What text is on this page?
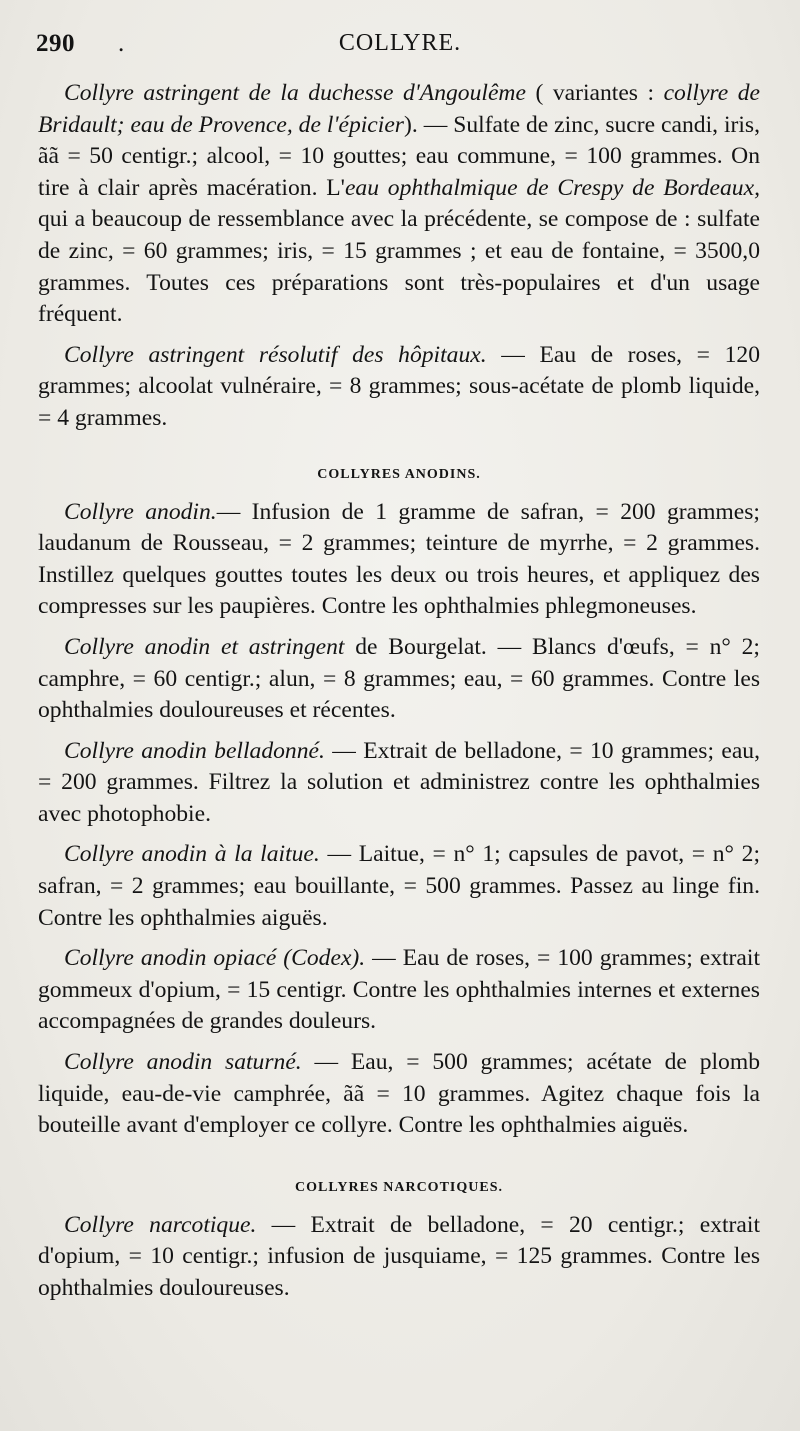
290 .	COLLYRE.

Collyre astringent de la duchesse d'Angoulême ( variantes : collyre de Bridault; eau de Provence, de l'épicier). — Sulfate de zinc, sucre candi, iris, ãã = 50 centigr.; alcool, = 10 gouttes; eau commune, = 100 grammes. On tire à clair après macération. L'eau ophthalmique de Crespy de Bordeaux, qui a beaucoup de ressemblance avec la précédente, se compose de : sulfate de zinc, = 60 grammes; iris, = 15 grammes ; et eau de fontaine, = 3500,0 grammes. Toutes ces préparations sont très-populaires et d'un usage fréquent.

Collyre astringent résolutif des hôpitaux. — Eau de roses, = 120 grammes; alcoolat vulnéraire, = 8 grammes; sous-acétate de plomb liquide, = 4 grammes.

COLLYRES ANODINS.

Collyre anodin.— Infusion de 1 gramme de safran, = 200 grammes; laudanum de Rousseau, = 2 grammes; teinture de myrrhe, = 2 grammes. Instillez quelques gouttes toutes les deux ou trois heures, et appliquez des compresses sur les paupières. Contre les ophthalmies phlegmoneuses.

Collyre anodin et astringent de Bourgelat. — Blancs d'œufs, = n° 2; camphre, = 60 centigr.; alun, = 8 grammes; eau, = 60 grammes. Contre les ophthalmies douloureuses et récentes.

Collyre anodin belladonné. — Extrait de belladone, = 10 grammes; eau, = 200 grammes. Filtrez la solution et administrez contre les ophthalmies avec photophobie.

Collyre anodin à la laitue. — Laitue, = n° 1; capsules de pavot, = n° 2; safran, = 2 grammes; eau bouillante, = 500 grammes. Passez au linge fin. Contre les ophthalmies aiguës.

Collyre anodin opiacé (Codex). — Eau de roses, = 100 grammes; extrait gommeux d'opium, = 15 centigr. Contre les ophthalmies internes et externes accompagnées de grandes douleurs.

Collyre anodin saturné. — Eau, = 500 grammes; acétate de plomb liquide, eau-de-vie camphrée, ãã = 10 grammes. Agitez chaque fois la bouteille avant d'employer ce collyre. Contre les ophthalmies aiguës.

COLLYRES NARCOTIQUES.

Collyre narcotique. — Extrait de belladone, = 20 centigr.; extrait d'opium, = 10 centigr.; infusion de jusquiame, = 125 grammes. Contre les ophthalmies douloureuses.
